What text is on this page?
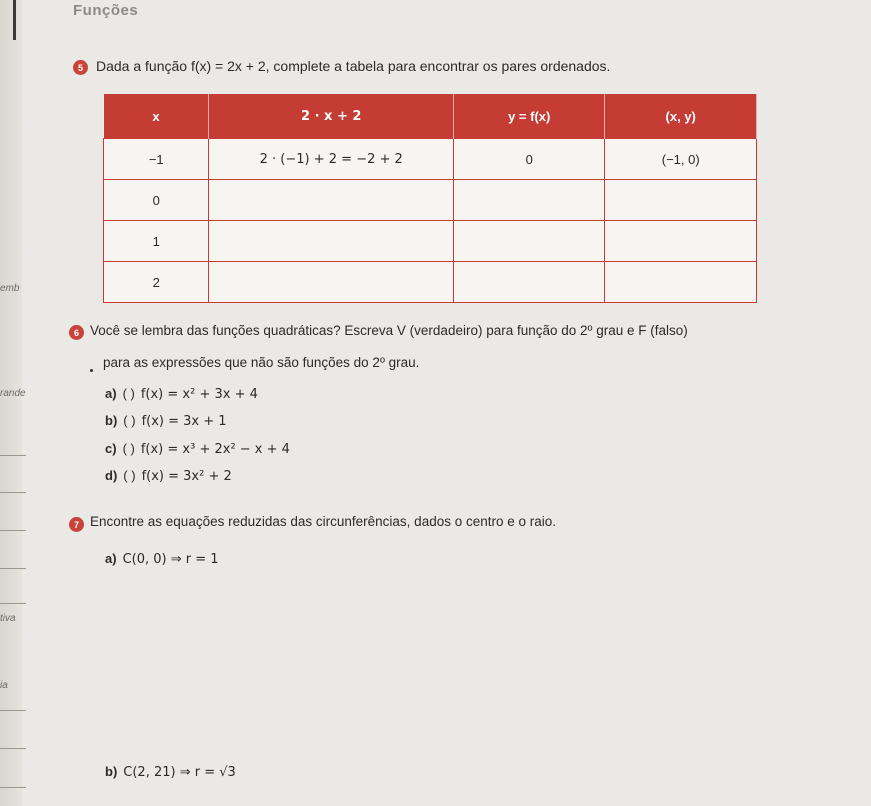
emb
rande
tiva
ia
Funções
5 Dada a função f(x) = 2x + 2, complete a tabela para encontrar os pares ordenados.
x	2 · x + 2	y = f(x)	(x, y)
−1	2 · (−1) + 2 = −2 + 2	0	(−1, 0)
0			
1			
2			
6 Você se lembra das funções quadráticas? Escreva V (verdadeiro) para função do 2º grau e F (falso)
para as expressões que não são funções do 2º grau.
a) ( ) f(x) = x² + 3x + 4
b) ( ) f(x) = 3x + 1
c) ( ) f(x) = x³ + 2x² − x + 4
d) ( ) f(x) = 3x² + 2
7 Encontre as equações reduzidas das circunferências, dados o centro e o raio.
a) C(0, 0) ⇒ r = 1
b) C(2, 21) ⇒ r = √3
